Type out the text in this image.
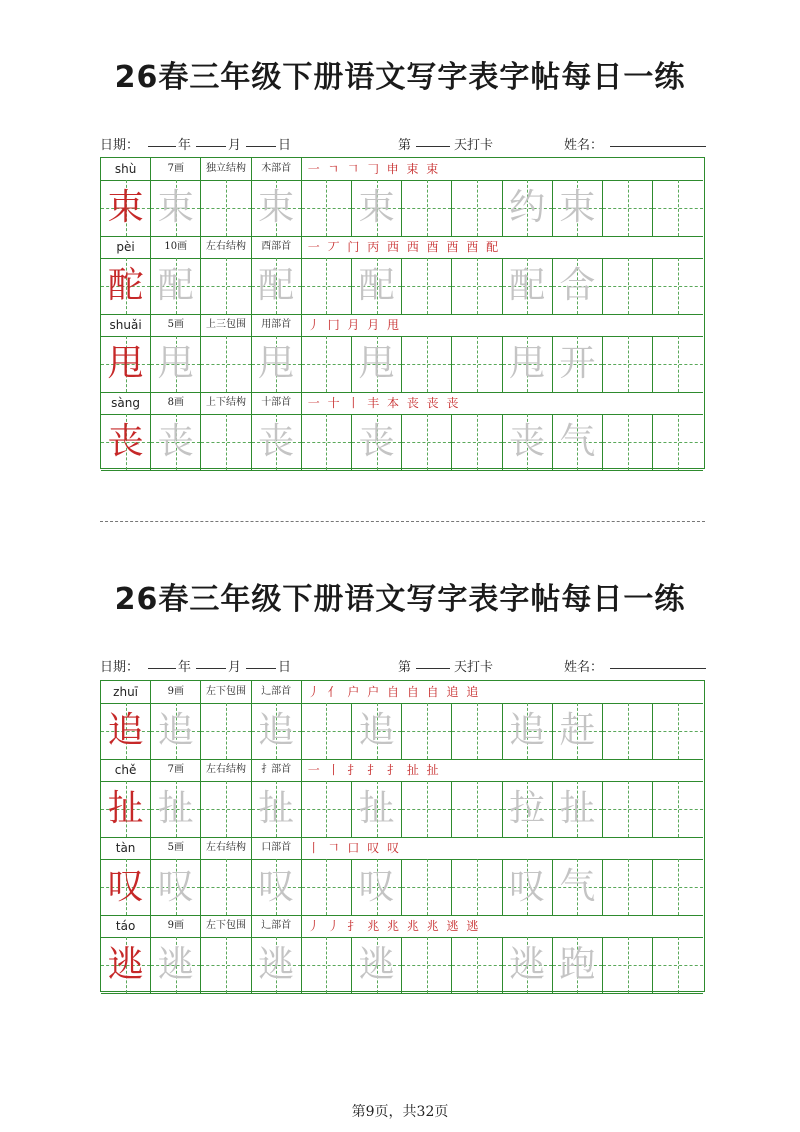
26春三年级下册语文写字表字帖每日一练
日期：	年	月	日	第	天打卡	姓名：
shù	7画	独立结构	木部首	一 ㄱ 𠃍 𠃌 申 束 束
束 束 束 束	约 束
pèi	10画	左右结构	酉部首	一 丆 门 丙 西 西 酉 酉 酉 配
酡 配 配 配	配 合
shuǎi	5画	上三包围	用部首	丿 冂 月 月 甩
甩 甩 甩 甩	甩 开
sàng	8画	上下结构	十部首	一 十 丨 丰 本 丧 丧 丧
丧 丧 丧 丧	丧 气
26春三年级下册语文写字表字帖每日一练
日期：	年	月	日	第	天打卡	姓名：
zhuī	9画	左下包围	辶部首	丿 亻 户 户 自 自 自 追 追
追 追 追 追	追 赶
chě	7画	左右结构	扌部首	一 丨 扌 扌 扌 扯 扯
扯 扯 扯 扯	拉 扯
tàn	5画	左右结构	口部首	丨 𠃍 口 叹 叹
叹 叹 叹 叹	叹 气
táo	9画	左下包围	辶部首	丿 丿 扌 兆 兆 兆 兆 逃 逃
逃 逃 逃 逃	逃 跑
第9页，共32页
